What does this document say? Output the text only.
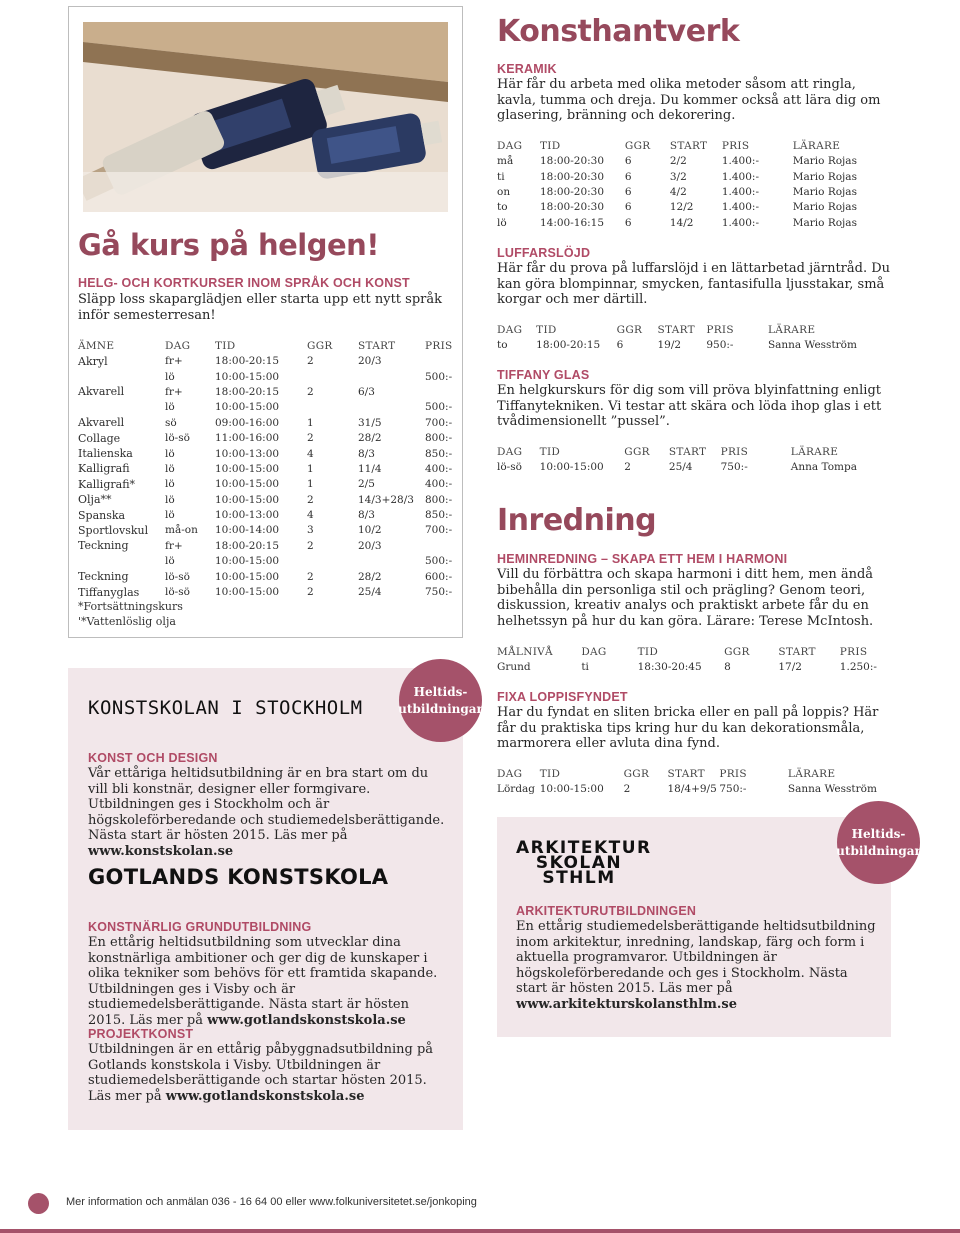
Gå kurs på helgen!
HELG- OCH KORTKURSER INOM SPRÅK OCH KONST
Släpp loss skaparglädjen eller starta upp ett nytt språk inför semesterresan!
ÄMNE	DAG	TID	GGR	START	PRIS
Akryl	fr+	18:00-20:15	2	20/3	
	lö	10:00-15:00			500:-
Akvarell	fr+	18:00-20:15	2	6/3	
	lö	10:00-15:00			500:-
Akvarell	sö	09:00-16:00	1	31/5	700:-
Collage	lö-sö	11:00-16:00	2	28/2	800:-
Italienska	lö	10:00-13:00	4	8/3	850:-
Kalligrafi	lö	10:00-15:00	1	11/4	400:-
Kalligrafi*	lö	10:00-15:00	1	2/5	400:-
Olja**	lö	10:00-15:00	2	14/3+28/3	800:-
Spanska	lö	10:00-13:00	4	8/3	850:-
Sportlovskul	må-on	10:00-14:00	3	10/2	700:-
Teckning	fr+	18:00-20:15	2	20/3	
	lö	10:00-15:00			500:-
Teckning	lö-sö	10:00-15:00	2	28/2	600:-
Tiffanyglas	lö-sö	10:00-15:00	2	25/4	750:-
*Fortsättningskurs
'*Vattenlöslig olja
Heltids-
utbildningar
KONSTSKOLAN I STOCKHOLM
KONST OCH DESIGN
Vår ettåriga heltidsutbildning är en bra start om du vill bli konstnär, designer eller formgivare. Utbildningen ges i Stockholm och är högskoleförberedande och studiemedelsberättigande. Nästa start är hösten 2015. Läs mer på www.konstskolan.se
GOTLANDS KONSTSKOLA
KONSTNÄRLIG GRUNDUTBILDNING
En ettårig heltidsutbildning som utvecklar dina konstnärliga ambitioner och ger dig de kunskaper i olika tekniker som behövs för ett framtida skapande. Utbildningen ges i Visby och är studiemedelsberättigande. Nästa start är hösten 2015. Läs mer på www.gotlandskonstskola.se
PROJEKTKONST
Utbildningen är en ettårig påbyggnadsutbildning på Gotlands konstskola i Visby. Utbildningen är studiemedelsberättigande och startar hösten 2015. Läs mer på www.gotlandskonstskola.se
Konsthantverk
KERAMIK
Här får du arbeta med olika metoder såsom att ringla, kavla, tumma och dreja. Du kommer också att lära dig om glasering, bränning och dekorering.
DAG	TID	GGR	START	PRIS	LÄRARE
må	18:00-20:30	6	2/2	1.400:-	Mario Rojas
ti	18:00-20:30	6	3/2	1.400:-	Mario Rojas
on	18:00-20:30	6	4/2	1.400:-	Mario Rojas
to	18:00-20:30	6	12/2	1.400:-	Mario Rojas
lö	14:00-16:15	6	14/2	1.400:-	Mario Rojas
LUFFARSLÖJD
Här får du prova på luffarslöjd i en lättarbetad järntråd. Du kan göra blompinnar, smycken, fantasifulla ljusstakar, små korgar och mer därtill.
DAG	TID	GGR	START	PRIS	LÄRARE
to	18:00-20:15	6	19/2	950:-	Sanna Wesström
TIFFANY GLAS
En helgkurskurs för dig som vill pröva blyinfattning enligt Tiffanytekniken. Vi testar att skära och löda ihop glas i ett tvådimensionellt ”pussel”.
DAG	TID	GGR	START	PRIS	LÄRARE
lö-sö	10:00-15:00	2	25/4	750:-	Anna Tompa
Inredning
HEMINREDNING – SKAPA ETT HEM I HARMONI
Vill du förbättra och skapa harmoni i ditt hem, men ändå bibehålla din personliga stil och prägling? Genom teori, diskussion, kreativ analys och praktiskt arbete får du en helhetssyn på hur du kan göra. Lärare: Terese McIntosh.
MÅLNIVÅ	DAG	TID	GGR	START	PRIS
Grund	ti	18:30-20:45	8	17/2	1.250:-
FIXA LOPPISFYNDET
Har du fyndat en sliten bricka eller en pall på loppis? Här får du praktiska tips kring hur du kan dekorationsmåla, marmorera eller avluta dina fynd.
DAG	TID	GGR	START	PRIS	LÄRARE
Lördag	10:00-15:00	2	18/4+9/5	750:-	Sanna Wesström
Heltids-
utbildningar
ARKITEKTUR
SKOLAN
STHLM
ARKITEKTURUTBILDNINGEN
En ettårig studiemedelsberättigande heltidsutbildning inom arkitektur, inredning, landskap, färg och form i aktuella programvaror. Utbildningen är högskoleförberedande och ges i Stockholm. Nästa start är hösten 2015. Läs mer på www.arkitekturskolansthlm.se
Mer information och anmälan 036 - 16 64 00 eller www.folkuniversitetet.se/jonkoping
